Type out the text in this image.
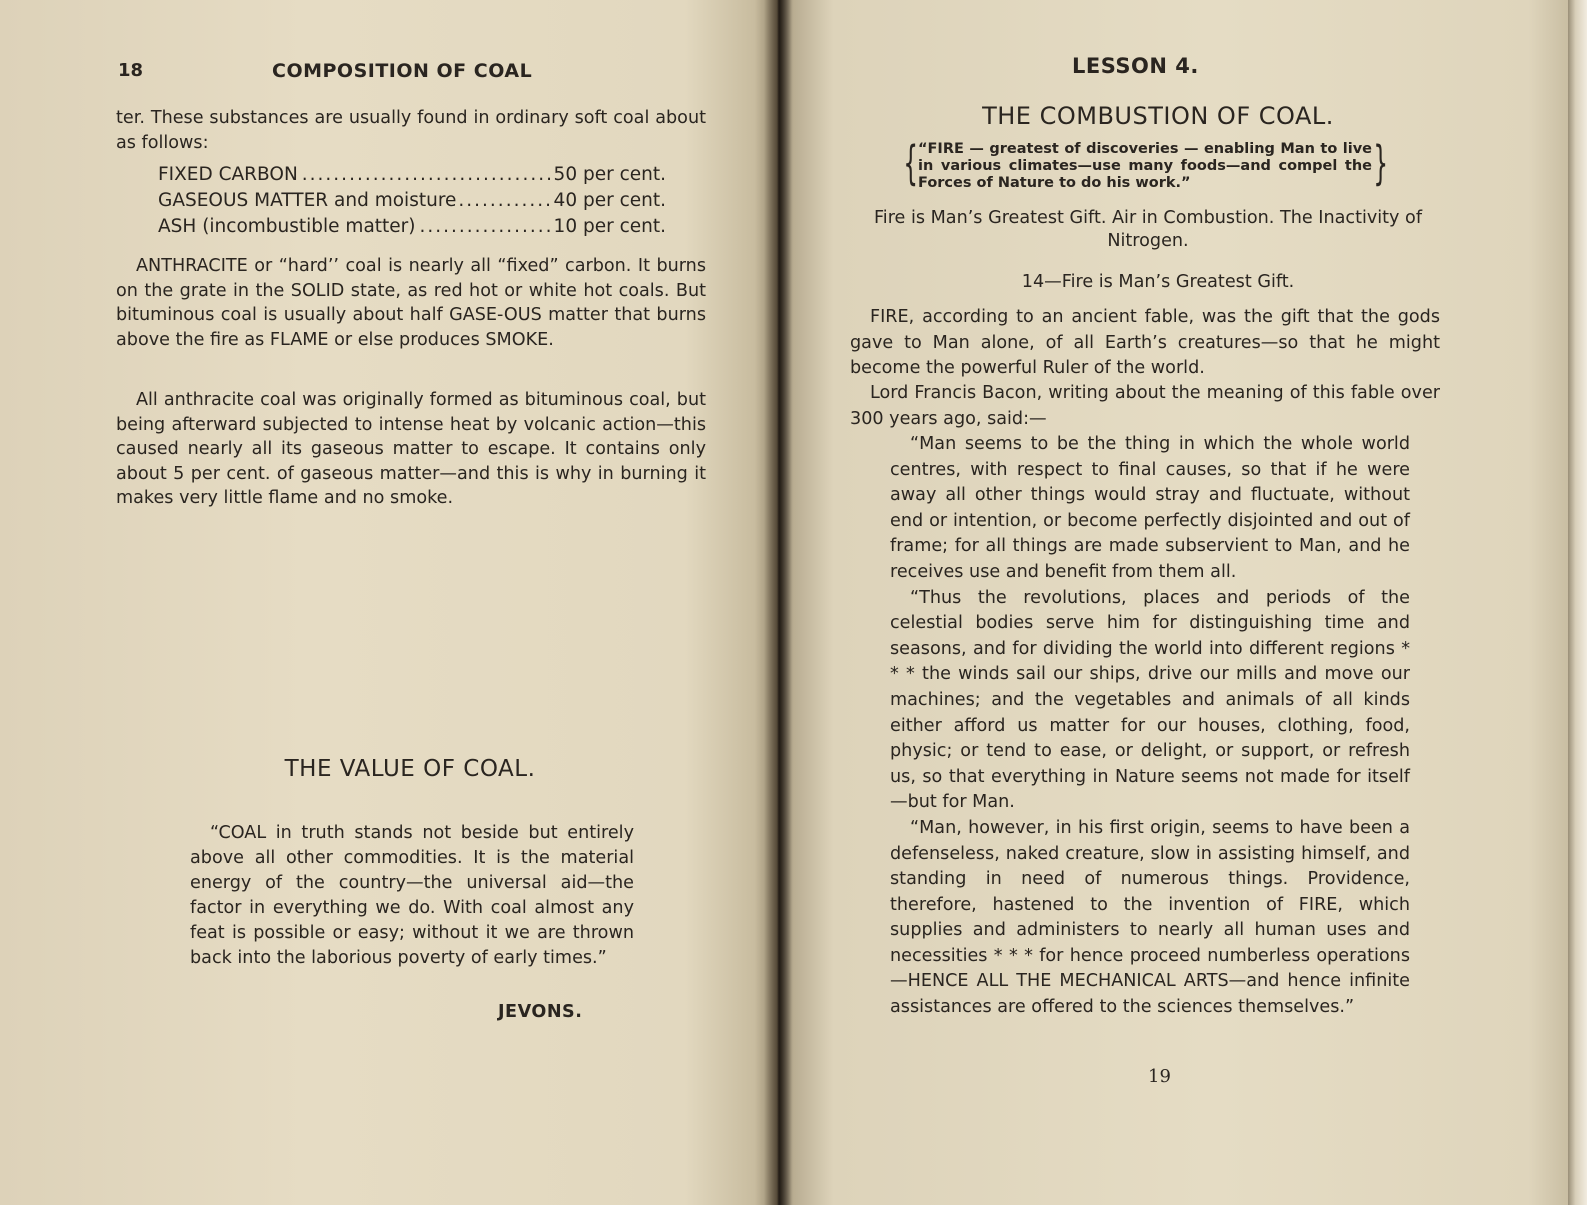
18	COMPOSITION OF COAL

ter. These substances are usually found in ordinary soft coal about as follows:

FIXED CARBON .....	50 per cent.
GASEOUS MATTER and moisture .....	40 per cent.
ASH (incombustible matter) .....	10 per cent.

ANTHRACITE or “hard’’ coal is nearly all “fixed” carbon. It burns on the grate in the SOLID state, as red hot or white hot coals. But bituminous coal is usually about half GASE-OUS matter that burns above the fire as FLAME or else produces SMOKE.

All anthracite coal was originally formed as bituminous coal, but being afterward subjected to intense heat by volcanic action—this caused nearly all its gaseous matter to escape. It contains only about 5 per cent. of gaseous matter—and this is why in burning it makes very little flame and no smoke.

THE VALUE OF COAL.

“COAL in truth stands not beside but entirely above all other commodities. It is the material energy of the country—the universal aid—the factor in everything we do. With coal almost any feat is possible or easy; without it we are thrown back into the laborious poverty of early times.”

JEVONS.
LESSON 4.
THE COMBUSTION OF COAL.
{ “FIRE — greatest of discoveries — enabling Man to live in various climates—use many foods—and compel the Forces of Nature to do his work.”	}

Fire is Man’s Greatest Gift. Air in Combustion. The Inactivity of Nitrogen.

14—Fire is Man’s Greatest Gift.

FIRE, according to an ancient fable, was the gift that the gods gave to Man alone, of all Earth’s creatures—so that he might become the powerful Ruler of the world.

Lord Francis Bacon, writing about the meaning of this fable over 300 years ago, said:—

“Man seems to be the thing in which the whole world centres, with respect to final causes, so that if he were away all other things would stray and fluctuate, without end or intention, or become perfectly disjointed and out of frame; for all things are made subservient to Man, and he receives use and benefit from them all.

“Thus the revolutions, places and periods of the celestial bodies serve him for distinguishing time and seasons, and for dividing the world into different regions * * * the winds sail our ships, drive our mills and move our machines; and the vegetables and animals of all kinds either afford us matter for our houses, clothing, food, physic; or tend to ease, or delight, or support, or refresh us, so that everything in Nature seems not made for itself—but for Man.

“Man, however, in his first origin, seems to have been a defenseless, naked creature, slow in assisting himself, and standing in need of numerous things. Providence, therefore, hastened to the invention of FIRE, which supplies and administers to nearly all human uses and necessities * * * for hence proceed numberless operations—HENCE ALL THE MECHANICAL ARTS—and hence infinite assistances are offered to the sciences themselves.”

19
